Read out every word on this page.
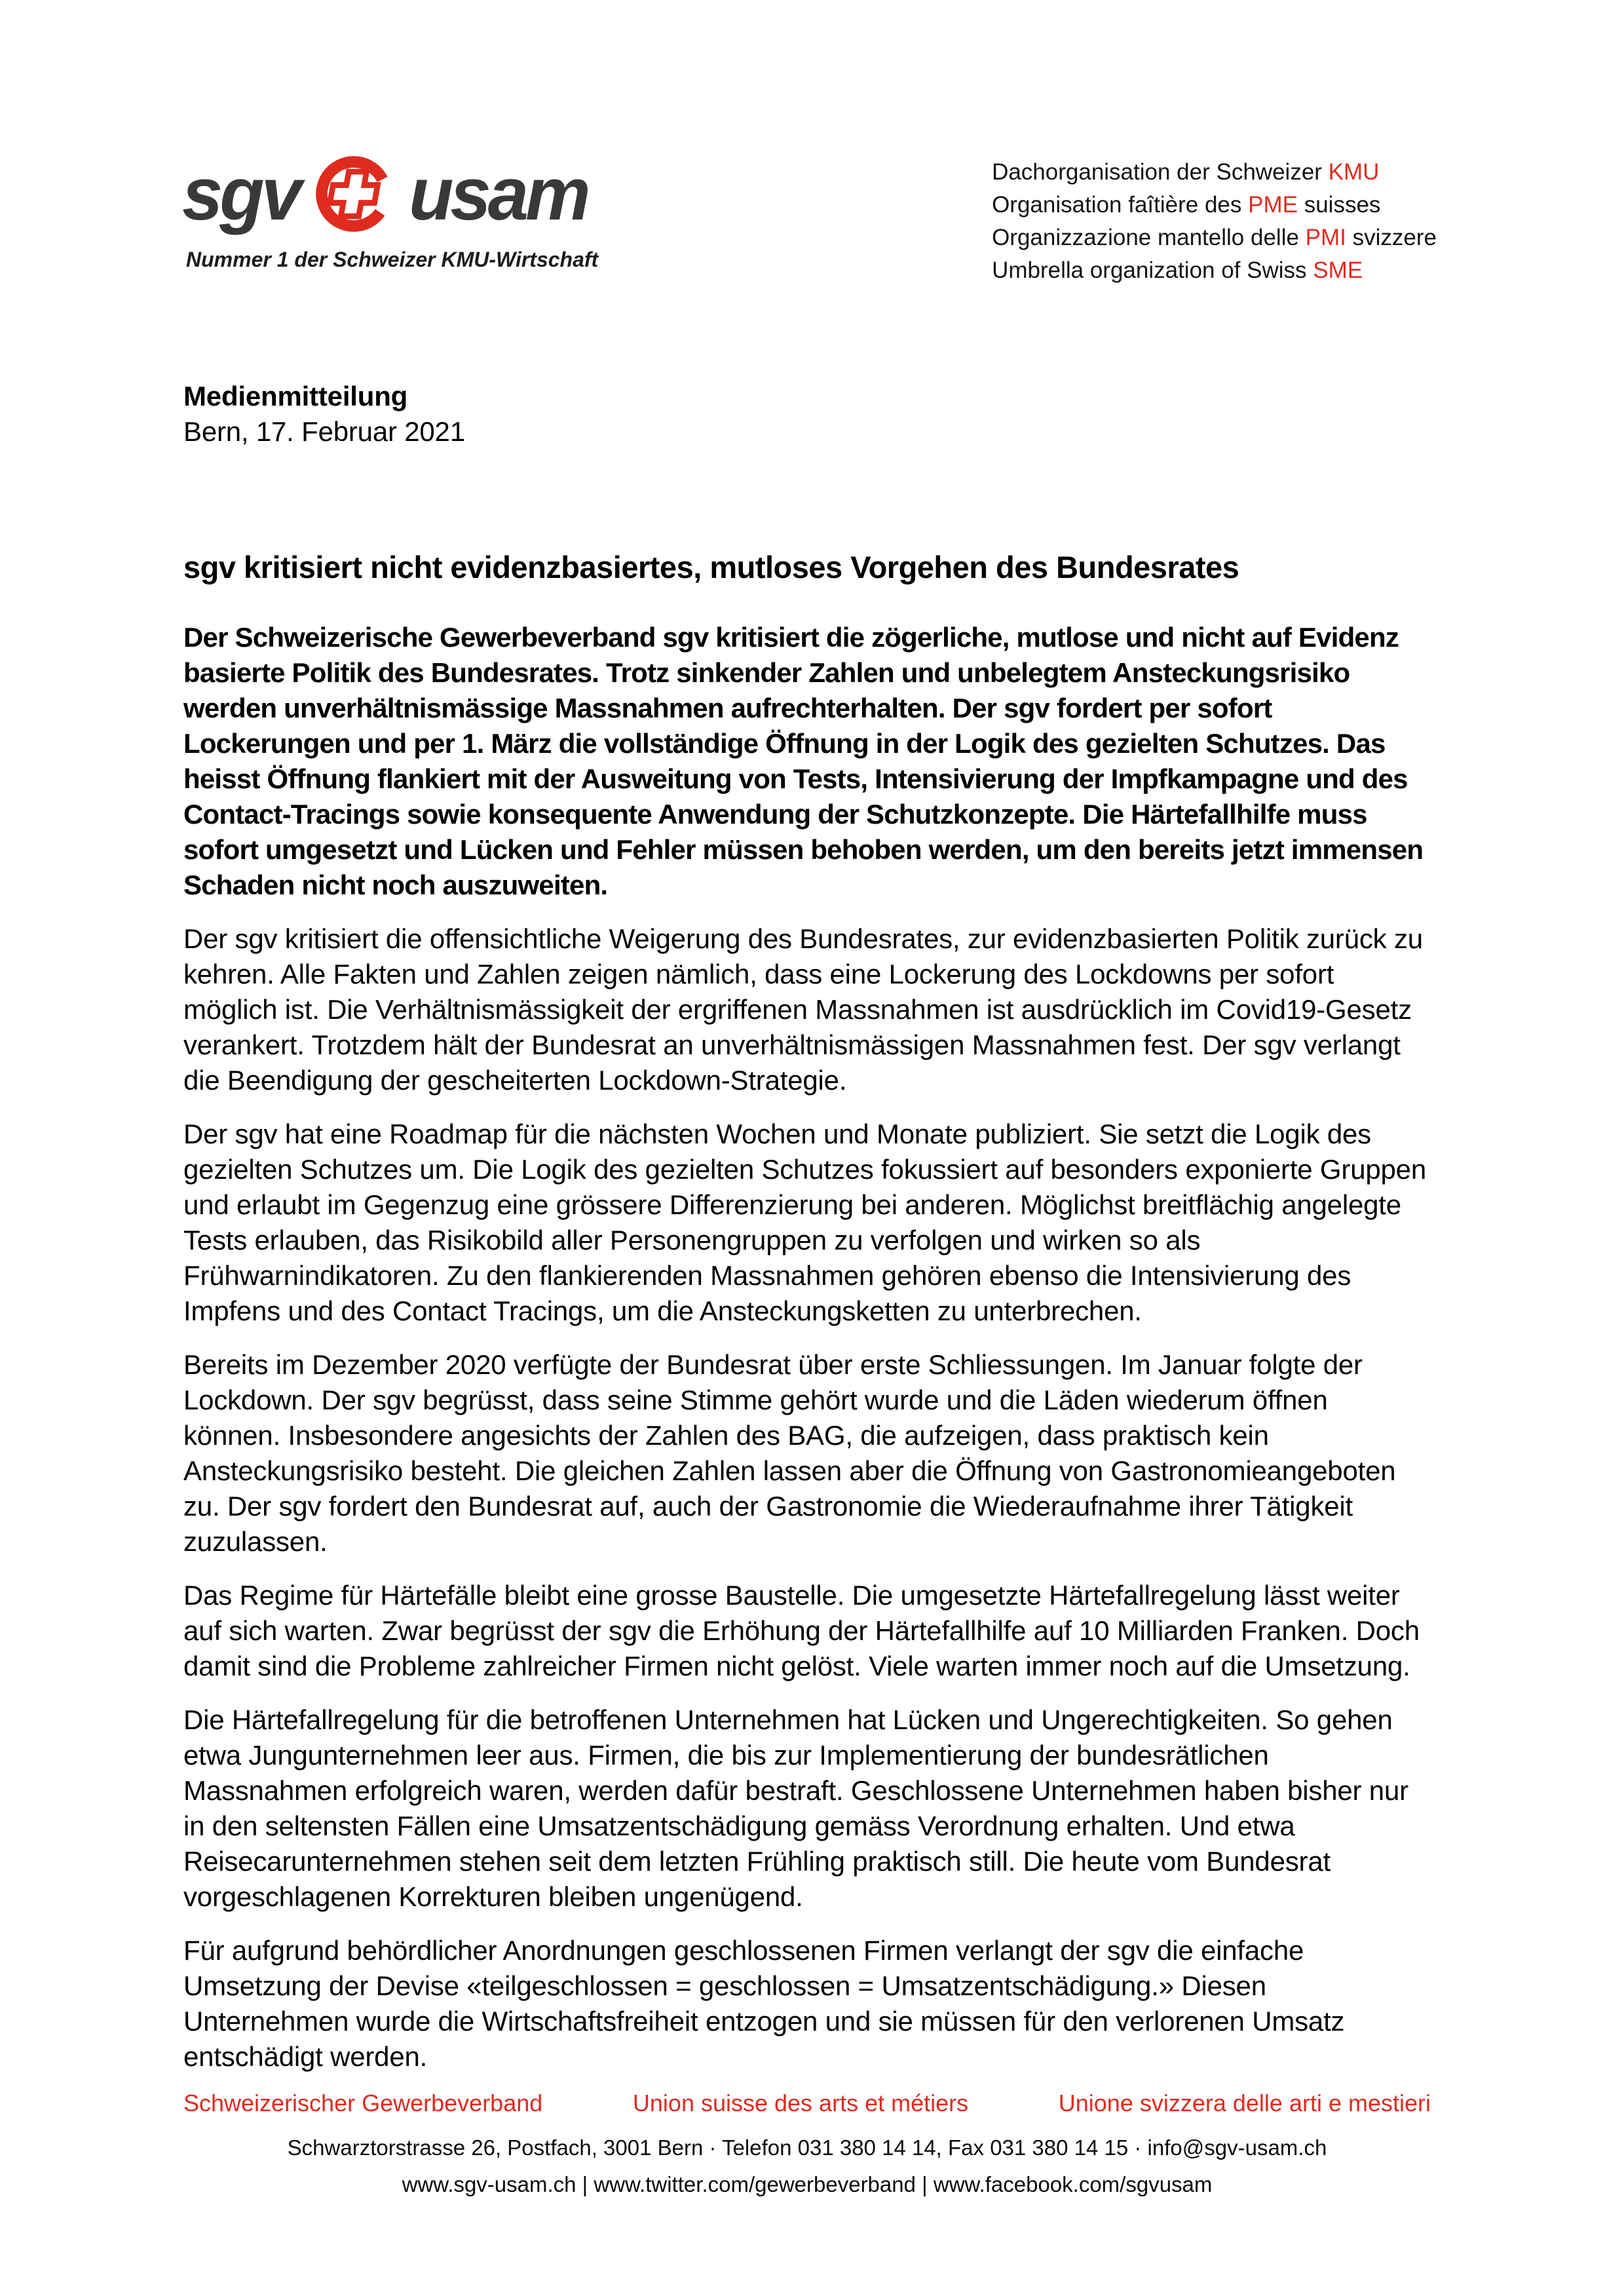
sgv usam
Nummer 1 der Schweizer KMU-Wirtschaft
Dachorganisation der Schweizer KMU
Organisation faîtière des PME suisses
Organizzazione mantello delle PMI svizzere
Umbrella organization of Swiss SME
Medienmitteilung
Bern, 17. Februar 2021
sgv kritisiert nicht evidenzbasiertes, mutloses Vorgehen des Bundesrates

Der Schweizerische Gewerbeverband sgv kritisiert die zögerliche, mutlose und nicht auf Evidenz basierte Politik des Bundesrates. Trotz sinkender Zahlen und unbelegtem Ansteckungsrisiko werden unverhältnismässige Massnahmen aufrechterhalten. Der sgv fordert per sofort Lockerungen und per 1. März die vollständige Öffnung in der Logik des gezielten Schutzes. Das heisst Öffnung flankiert mit der Ausweitung von Tests, Intensivierung der Impfkampagne und des Contact-Tracings sowie konsequente Anwendung der Schutzkonzepte. Die Härtefallhilfe muss sofort umgesetzt und Lücken und Fehler müssen behoben werden, um den bereits jetzt immensen Schaden nicht noch auszuweiten.

Der sgv kritisiert die offensichtliche Weigerung des Bundesrates, zur evidenzbasierten Politik zurück zu kehren. Alle Fakten und Zahlen zeigen nämlich, dass eine Lockerung des Lockdowns per sofort möglich ist. Die Verhältnismässigkeit der ergriffenen Massnahmen ist ausdrücklich im Covid19-Gesetz verankert. Trotzdem hält der Bundesrat an unverhältnismässigen Massnahmen fest. Der sgv verlangt die Beendigung der gescheiterten Lockdown-Strategie.

Der sgv hat eine Roadmap für die nächsten Wochen und Monate publiziert. Sie setzt die Logik des gezielten Schutzes um. Die Logik des gezielten Schutzes fokussiert auf besonders exponierte Gruppen und erlaubt im Gegenzug eine grössere Differenzierung bei anderen. Möglichst breitflächig angelegte Tests erlauben, das Risikobild aller Personengruppen zu verfolgen und wirken so als Frühwarnindikatoren. Zu den flankierenden Massnahmen gehören ebenso die Intensivierung des Impfens und des Contact Tracings, um die Ansteckungsketten zu unterbrechen.

Bereits im Dezember 2020 verfügte der Bundesrat über erste Schliessungen. Im Januar folgte der Lockdown. Der sgv begrüsst, dass seine Stimme gehört wurde und die Läden wiederum öffnen können. Insbesondere angesichts der Zahlen des BAG, die aufzeigen, dass praktisch kein Ansteckungsrisiko besteht. Die gleichen Zahlen lassen aber die Öffnung von Gastronomieangeboten zu. Der sgv fordert den Bundesrat auf, auch der Gastronomie die Wiederaufnahme ihrer Tätigkeit zuzulassen.

Das Regime für Härtefälle bleibt eine grosse Baustelle. Die umgesetzte Härtefallregelung lässt weiter auf sich warten. Zwar begrüsst der sgv die Erhöhung der Härtefallhilfe auf 10 Milliarden Franken. Doch damit sind die Probleme zahlreicher Firmen nicht gelöst. Viele warten immer noch auf die Umsetzung.

Die Härtefallregelung für die betroffenen Unternehmen hat Lücken und Ungerechtigkeiten. So gehen etwa Jungunternehmen leer aus. Firmen, die bis zur Implementierung der bundesrätlichen Massnahmen erfolgreich waren, werden dafür bestraft. Geschlossene Unternehmen haben bisher nur in den seltensten Fällen eine Umsatzentschädigung gemäss Verordnung erhalten. Und etwa Reisecarunternehmen stehen seit dem letzten Frühling praktisch still. Die heute vom Bundesrat vorgeschlagenen Korrekturen bleiben ungenügend.

Für aufgrund behördlicher Anordnungen geschlossenen Firmen verlangt der sgv die einfache Umsetzung der Devise «teilgeschlossen = geschlossen = Umsatzentschädigung.» Diesen Unternehmen wurde die Wirtschaftsfreiheit entzogen und sie müssen für den verlorenen Umsatz entschädigt werden.

Schweizerischer Gewerbeverband	Union suisse des arts et métiers	Unione svizzera delle arti e mestieri
Schwarztorstrasse 26, Postfach, 3001 Bern · Telefon 031 380 14 14, Fax 031 380 14 15 · info@sgv-usam.ch
www.sgv-usam.ch | www.twitter.com/gewerbeverband | www.facebook.com/sgvusam
